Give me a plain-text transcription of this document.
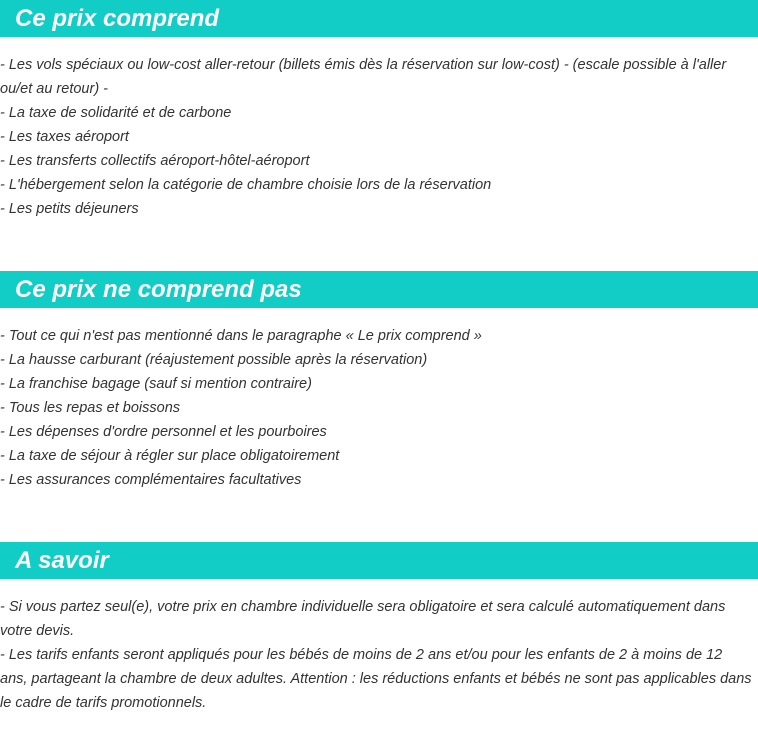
Ce prix comprend

- Les vols spéciaux ou low-cost aller-retour (billets émis dès la réservation sur low-cost) - (escale possible à l'aller ou/et au retour) -

- La taxe de solidarité et de carbone

- Les taxes aéroport

- Les transferts collectifs aéroport-hôtel-aéroport

- L'hébergement selon la catégorie de chambre choisie lors de la réservation

- Les petits déjeuners

Ce prix ne comprend pas

- Tout ce qui n'est pas mentionné dans le paragraphe « Le prix comprend »

- La hausse carburant (réajustement possible après la réservation)

- La franchise bagage (sauf si mention contraire)

- Tous les repas et boissons

- Les dépenses d'ordre personnel et les pourboires

- La taxe de séjour à régler sur place obligatoirement

- Les assurances complémentaires facultatives

A savoir

- Si vous partez seul(e), votre prix en chambre individuelle sera obligatoire et sera calculé automatiquement dans votre devis.

- Les tarifs enfants seront appliqués pour les bébés de moins de 2 ans et/ou pour les enfants de 2 à moins de 12 ans, partageant la chambre de deux adultes. Attention : les réductions enfants et bébés ne sont pas applicables dans le cadre de tarifs promotionnels.
